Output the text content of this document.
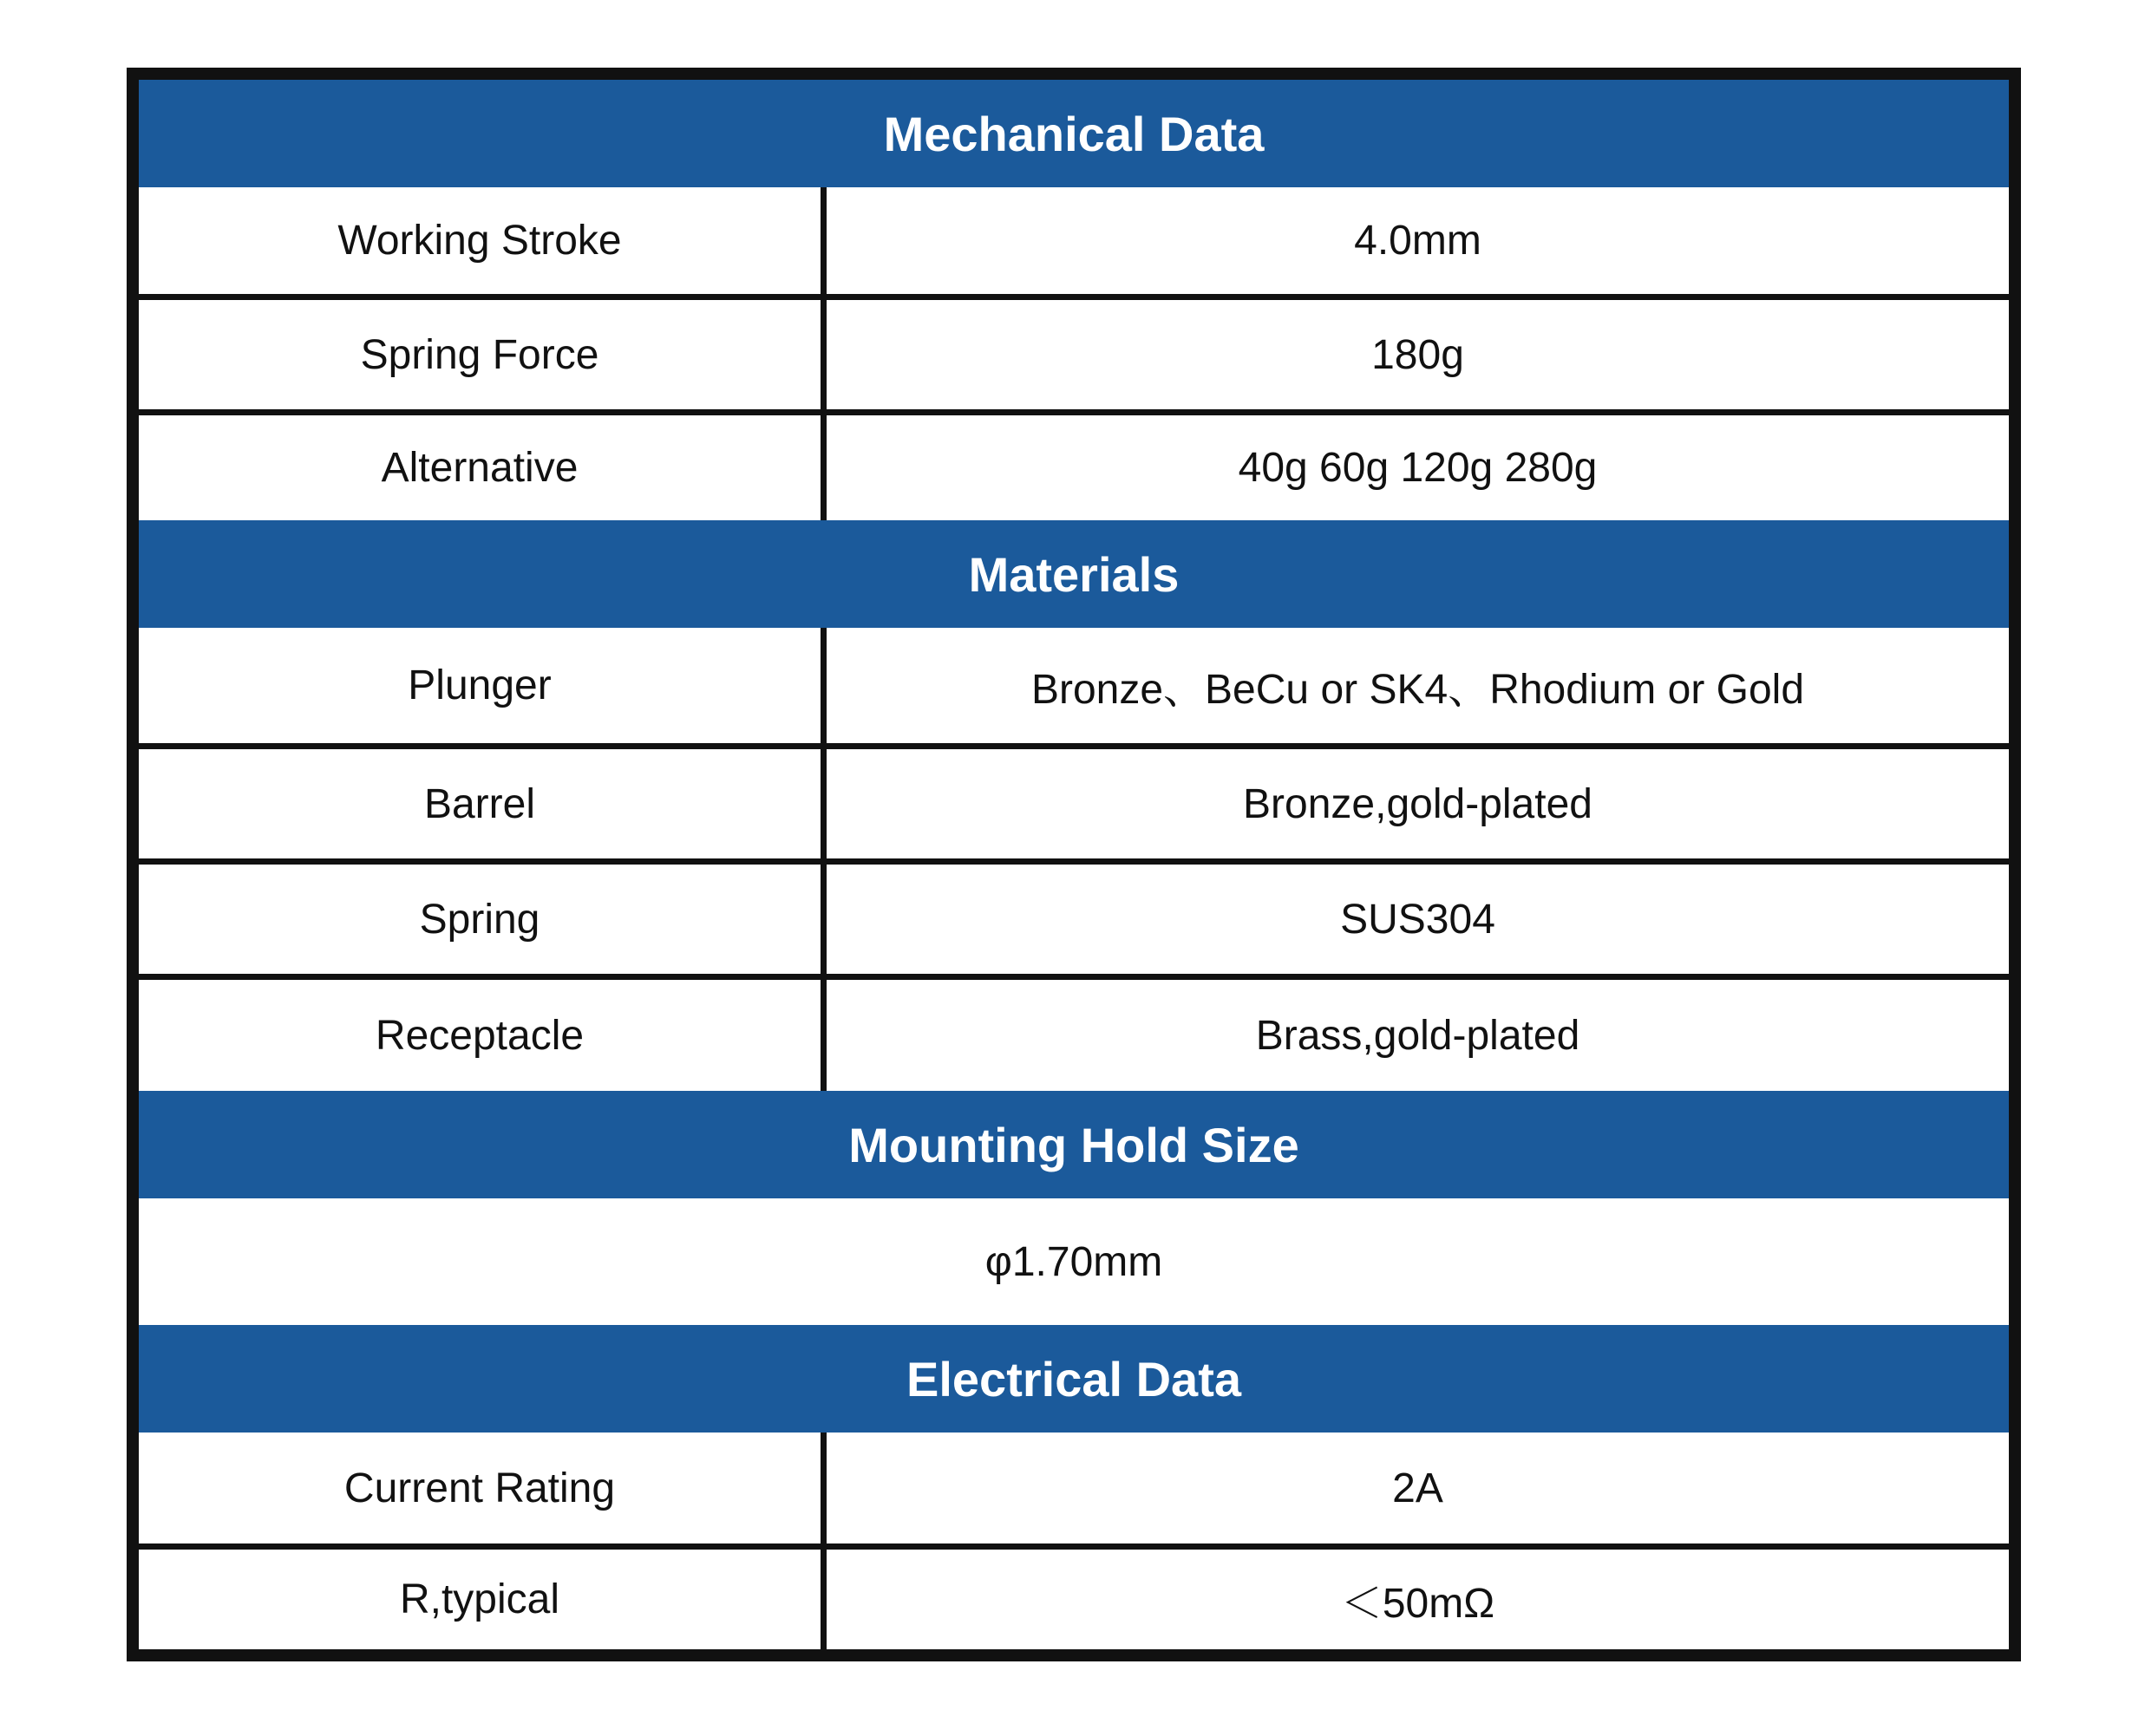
Mechanical Data
Working Stroke	4.0mm
Spring Force	180g
Alternative	40g 60g 120g 280g
Materials
Plunger	Bronze、BeCu or SK4、Rhodium or Gold
Barrel	Bronze,gold-plated
Spring	SUS304
Receptacle	Brass,gold-plated
Mounting Hold Size
φ1.70mm
Electrical Data
Current Rating	2A
R,typical	＜50mΩ
